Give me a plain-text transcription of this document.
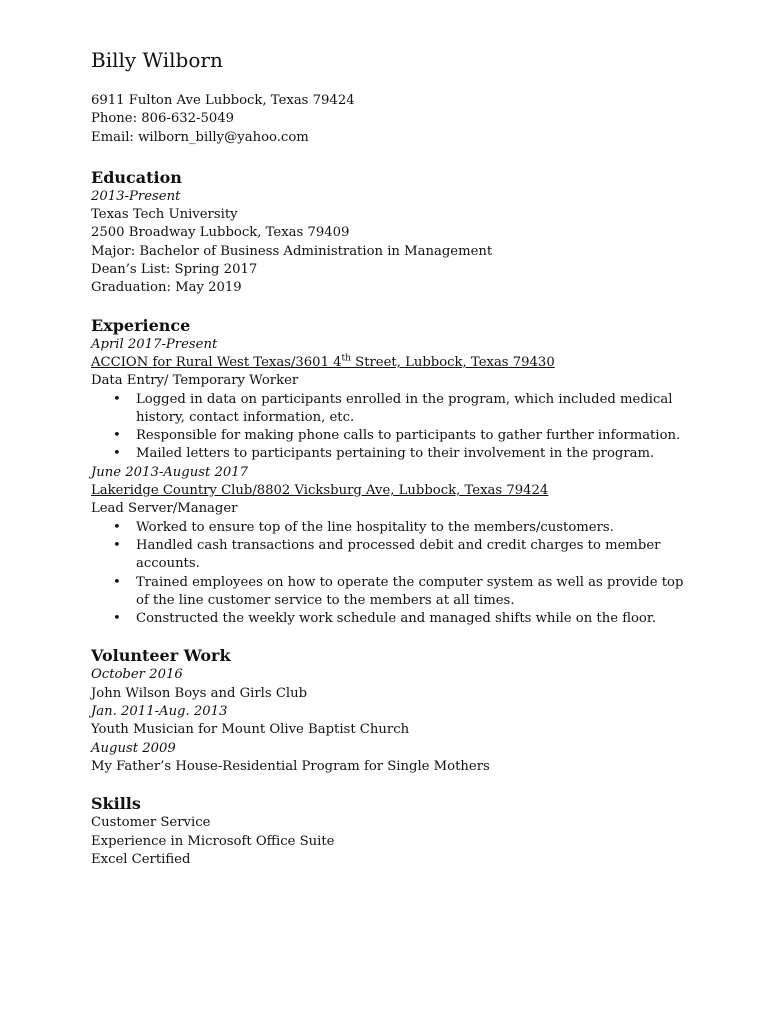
Billy Wilborn
6911 Fulton Ave Lubbock, Texas 79424
Phone: 806-632-5049
Email: wilborn_billy@yahoo.com
Education
2013-Present
Texas Tech University
2500 Broadway Lubbock, Texas 79409
Major: Bachelor of Business Administration in Management
Dean’s List: Spring 2017
Graduation: May 2019
Experience
April 2017-Present
ACCION for Rural West Texas/3601 4th Street, Lubbock, Texas 79430
Data Entry/ Temporary Worker
• Logged in data on participants enrolled in the program, which included medical history, contact information, etc.
• Responsible for making phone calls to participants to gather further information.
• Mailed letters to participants pertaining to their involvement in the program.
June 2013-August 2017
Lakeridge Country Club/8802 Vicksburg Ave, Lubbock, Texas 79424
Lead Server/Manager
• Worked to ensure top of the line hospitality to the members/customers.
• Handled cash transactions and processed debit and credit charges to member accounts.
• Trained employees on how to operate the computer system as well as provide top of the line customer service to the members at all times.
• Constructed the weekly work schedule and managed shifts while on the floor.
Volunteer Work
October 2016
John Wilson Boys and Girls Club
Jan. 2011-Aug. 2013
Youth Musician for Mount Olive Baptist Church
August 2009
My Father’s House-Residential Program for Single Mothers
Skills
Customer Service
Experience in Microsoft Office Suite
Excel Certified
